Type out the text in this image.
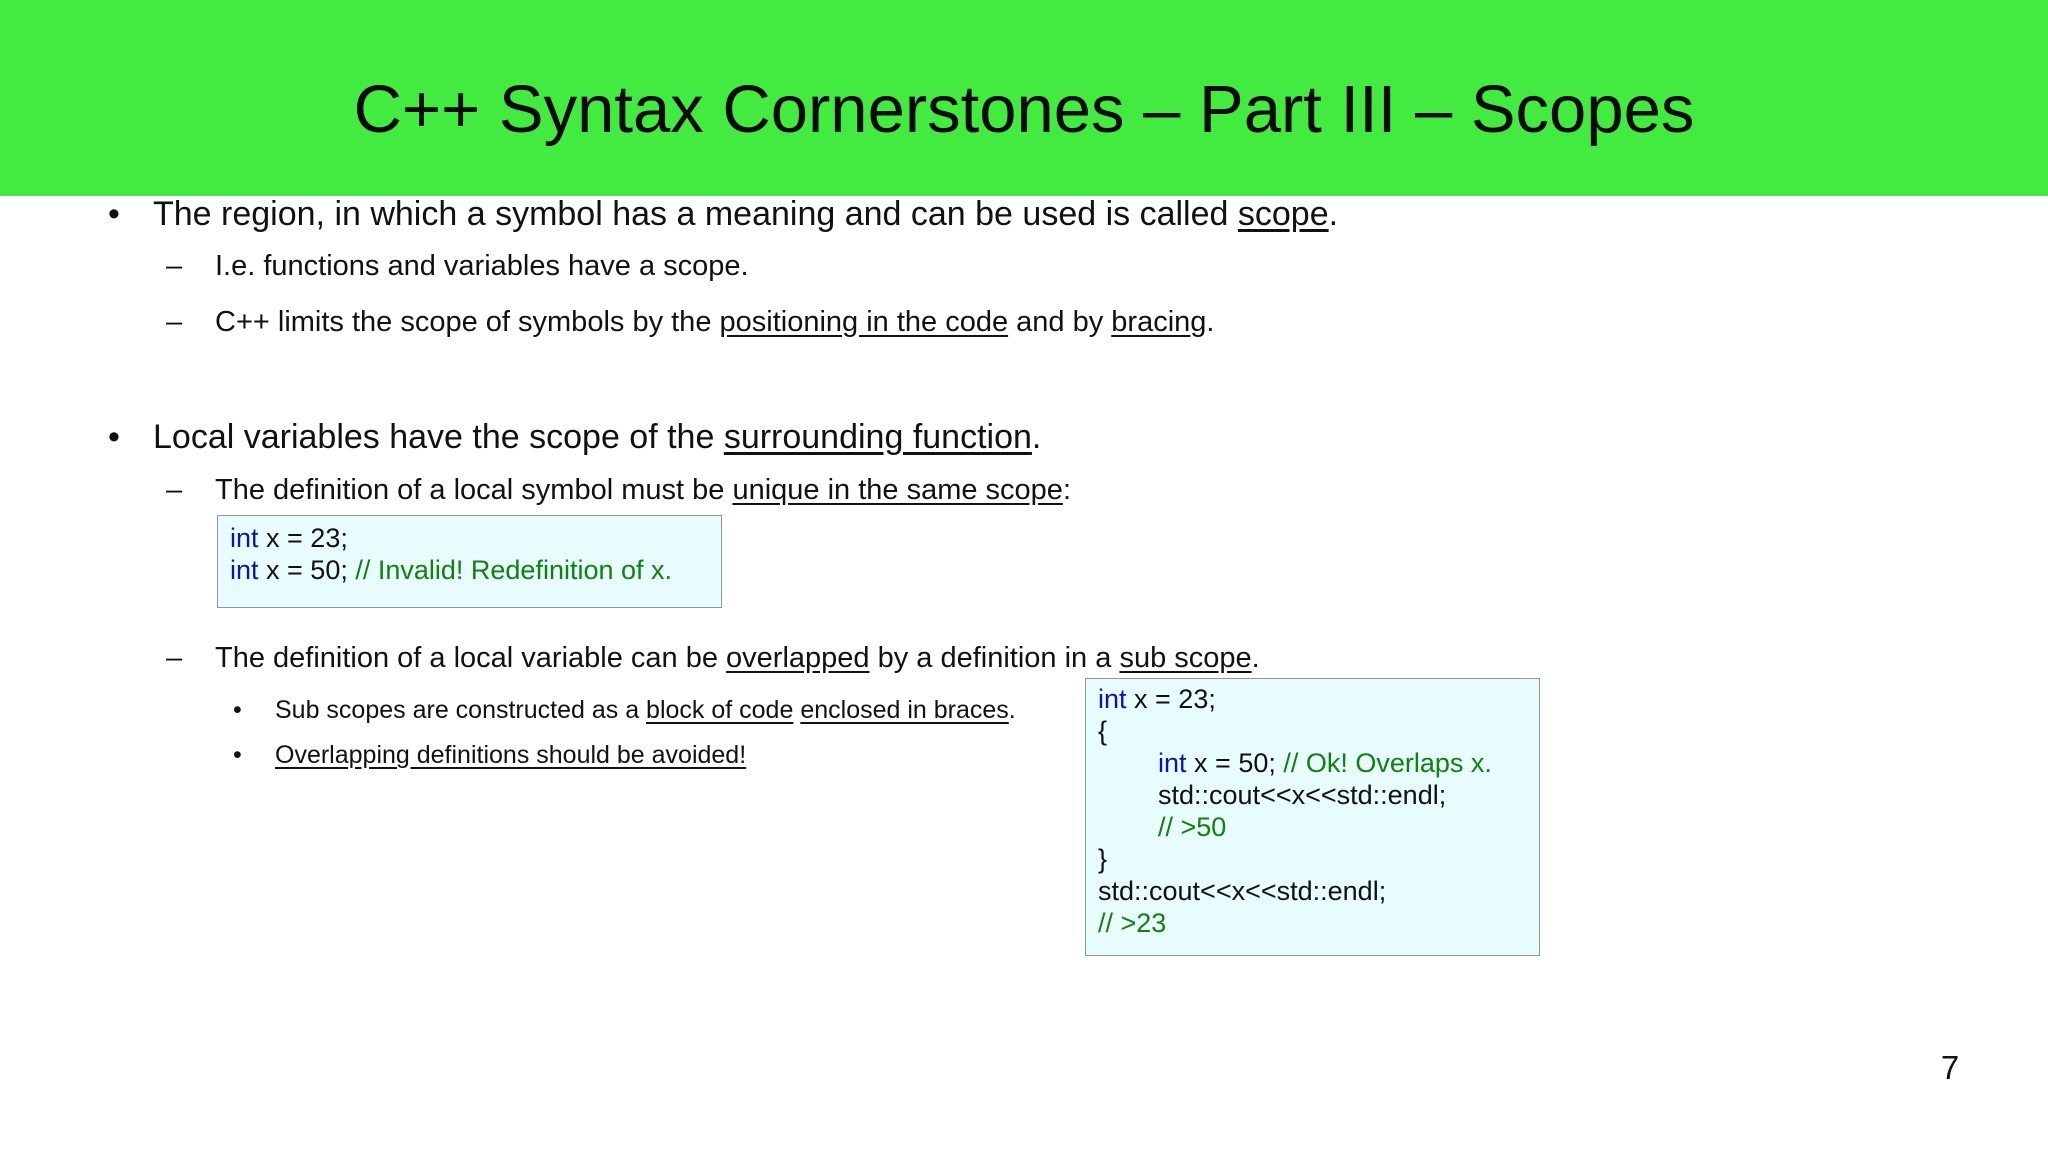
C++ Syntax Cornerstones – Part III – Scopes
• The region, in which a symbol has a meaning and can be used is called scope.
– I.e. functions and variables have a scope.
– C++ limits the scope of symbols by the positioning in the code and by bracing.
• Local variables have the scope of the surrounding function.
– The definition of a local symbol must be unique in the same scope:
int x = 23;
int x = 50; // Invalid! Redefinition of x.
– The definition of a local variable can be overlapped by a definition in a sub scope.
• Sub scopes are constructed as a block of code enclosed in braces.
• Overlapping definitions should be avoided!
int x = 23;
{
int x = 50; // Ok! Overlaps x.
std::cout<<x<<std::endl;
// >50
}
std::cout<<x<<std::endl;
// >23
7
